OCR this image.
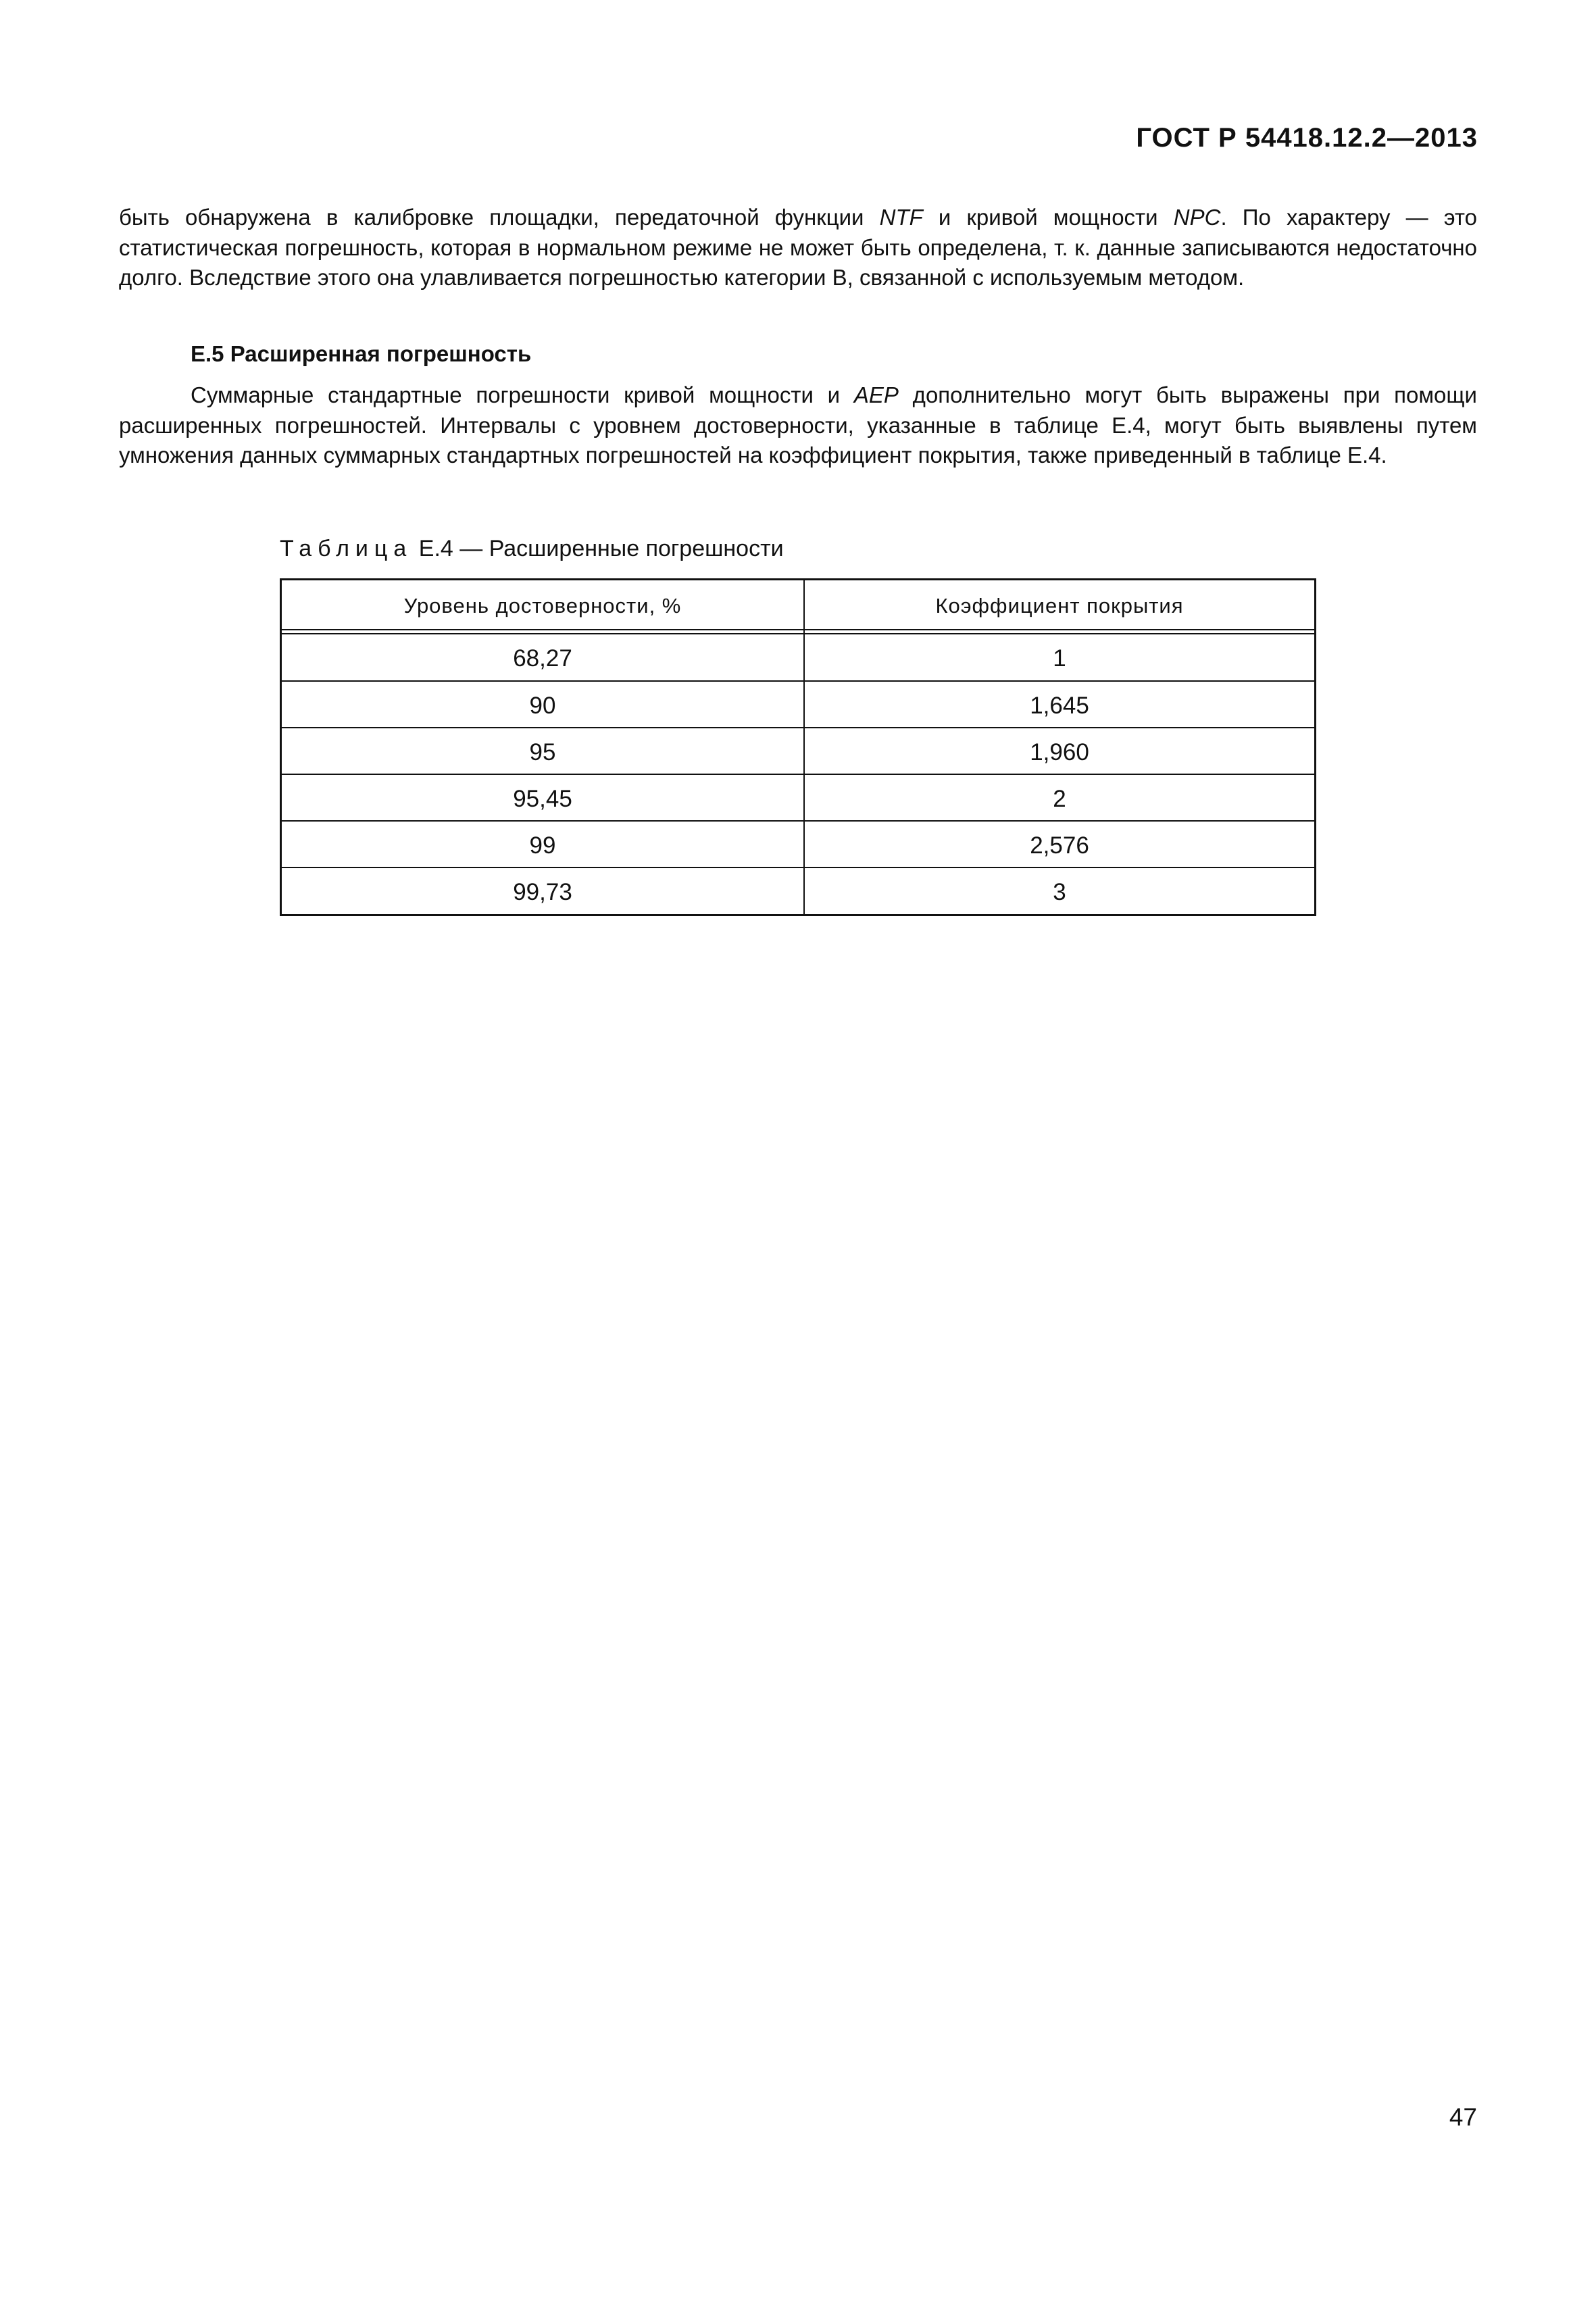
ГОСТ Р 54418.12.2—2013
быть обнаружена в калибровке площадки, передаточной функции NTF и кривой мощности NPC. По характеру — это статистическая погрешность, которая в нормальном режиме не может быть определена, т. к. данные записываются недостаточно долго. Вследствие этого она улавливается погрешностью категории В, связанной с используемым методом.
Е.5 Расширенная погрешность
Суммарные стандартные погрешности кривой мощности и AEP дополнительно могут быть выражены при помощи расширенных погрешностей. Интервалы с уровнем достоверности, указанные в таблице Е.4, могут быть выявлены путем умножения данных суммарных стандартных погрешностей на коэффициент покрытия, также приведенный в таблице Е.4.
Таблица Е.4 — Расширенные погрешности
Уровень достоверности, %	Коэффициент покрытия
68,27	1
90	1,645
95	1,960
95,45	2
99	2,576
99,73	3
47
